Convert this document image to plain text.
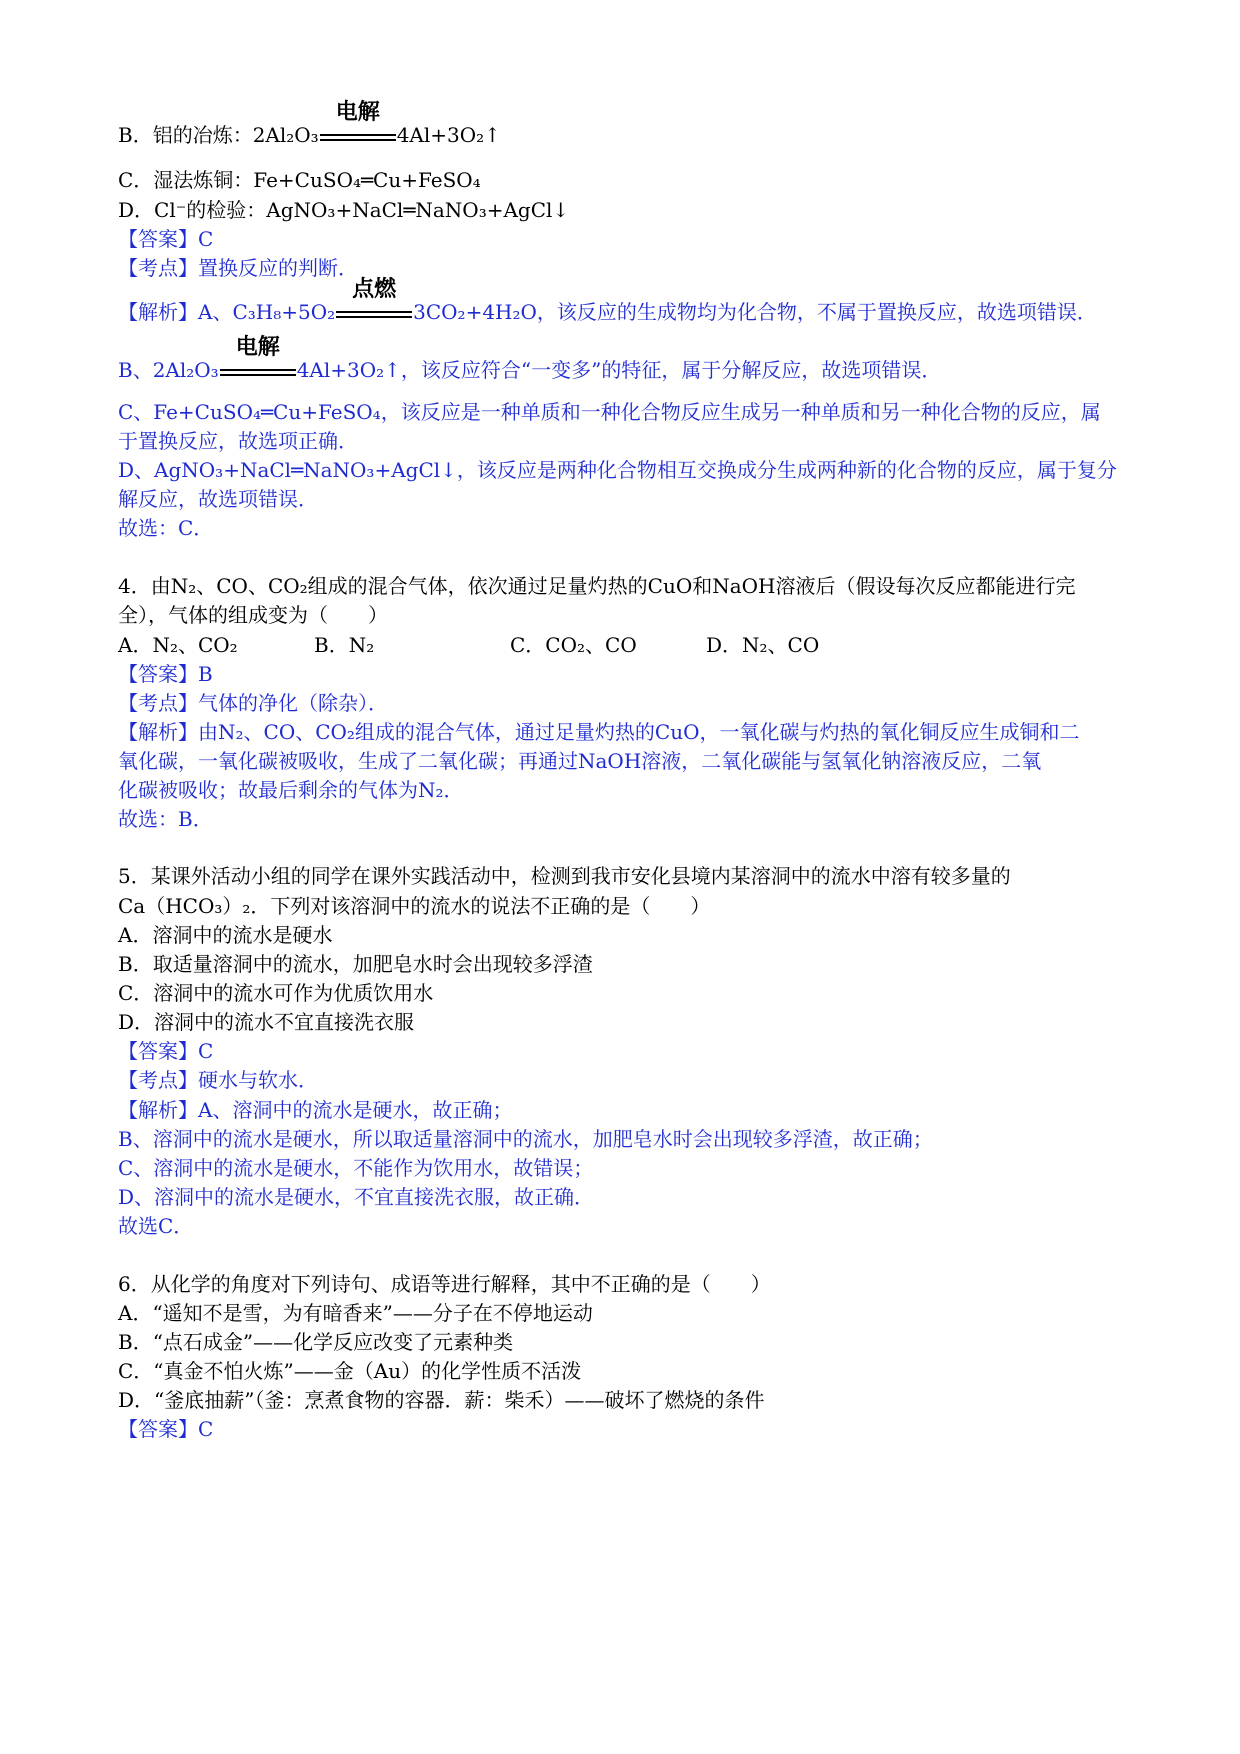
B．铝的冶炼：2Al₂O₃
电解
4Al+3O₂↑
C．湿法炼铜：Fe+CuSO₄═Cu+FeSO₄
D．Cl⁻的检验：AgNO₃+NaCl═NaNO₃+AgCl↓
【答案】C
【考点】置换反应的判断．
【解析】A、C₃H₈+5O₂
点燃
3CO₂+4H₂O，该反应的生成物均为化合物，不属于置换反应，故选项错误．
B、2Al₂O₃
电解
4Al+3O₂↑，该反应符合“一变多”的特征，属于分解反应，故选项错误．
C、Fe+CuSO₄═Cu+FeSO₄，该反应是一种单质和一种化合物反应生成另一种单质和另一种化合物的反应，属
于置换反应，故选项正确．
D、AgNO₃+NaCl═NaNO₃+AgCl↓，该反应是两种化合物相互交换成分生成两种新的化合物的反应，属于复分
解反应，故选项错误．
故选：C．
4．由N₂、CO、CO₂组成的混合气体，依次通过足量灼热的CuO和NaOH溶液后（假设每次反应都能进行完
全），气体的组成变为（　　）
A．N₂、CO₂	B．N₂	C．CO₂、CO	D．N₂、CO
【答案】B
【考点】气体的净化（除杂）．
【解析】由N₂、CO、CO₂组成的混合气体，通过足量灼热的CuO，一氧化碳与灼热的氧化铜反应生成铜和二
氧化碳，一氧化碳被吸收，生成了二氧化碳；再通过NaOH溶液，二氧化碳能与氢氧化钠溶液反应，二氧
化碳被吸收；故最后剩余的气体为N₂．
故选：B．
5．某课外活动小组的同学在课外实践活动中，检测到我市安化县境内某溶洞中的流水中溶有较多量的
Ca（HCO₃）₂．下列对该溶洞中的流水的说法不正确的是（　　）
A．溶洞中的流水是硬水
B．取适量溶洞中的流水，加肥皂水时会出现较多浮渣
C．溶洞中的流水可作为优质饮用水
D．溶洞中的流水不宜直接洗衣服
【答案】C
【考点】硬水与软水．
【解析】A、溶洞中的流水是硬水，故正确；
B、溶洞中的流水是硬水，所以取适量溶洞中的流水，加肥皂水时会出现较多浮渣，故正确；
C、溶洞中的流水是硬水，不能作为饮用水，故错误；
D、溶洞中的流水是硬水，不宜直接洗衣服，故正确．
故选C．
6．从化学的角度对下列诗句、成语等进行解释，其中不正确的是（　　）
A．“遥知不是雪，为有暗香来”——分子在不停地运动
B．“点石成金”——化学反应改变了元素种类
C．“真金不怕火炼”——金（Au）的化学性质不活泼
D．“釜底抽薪”（釜：烹煮食物的容器．薪：柴禾）——破坏了燃烧的条件
【答案】C
